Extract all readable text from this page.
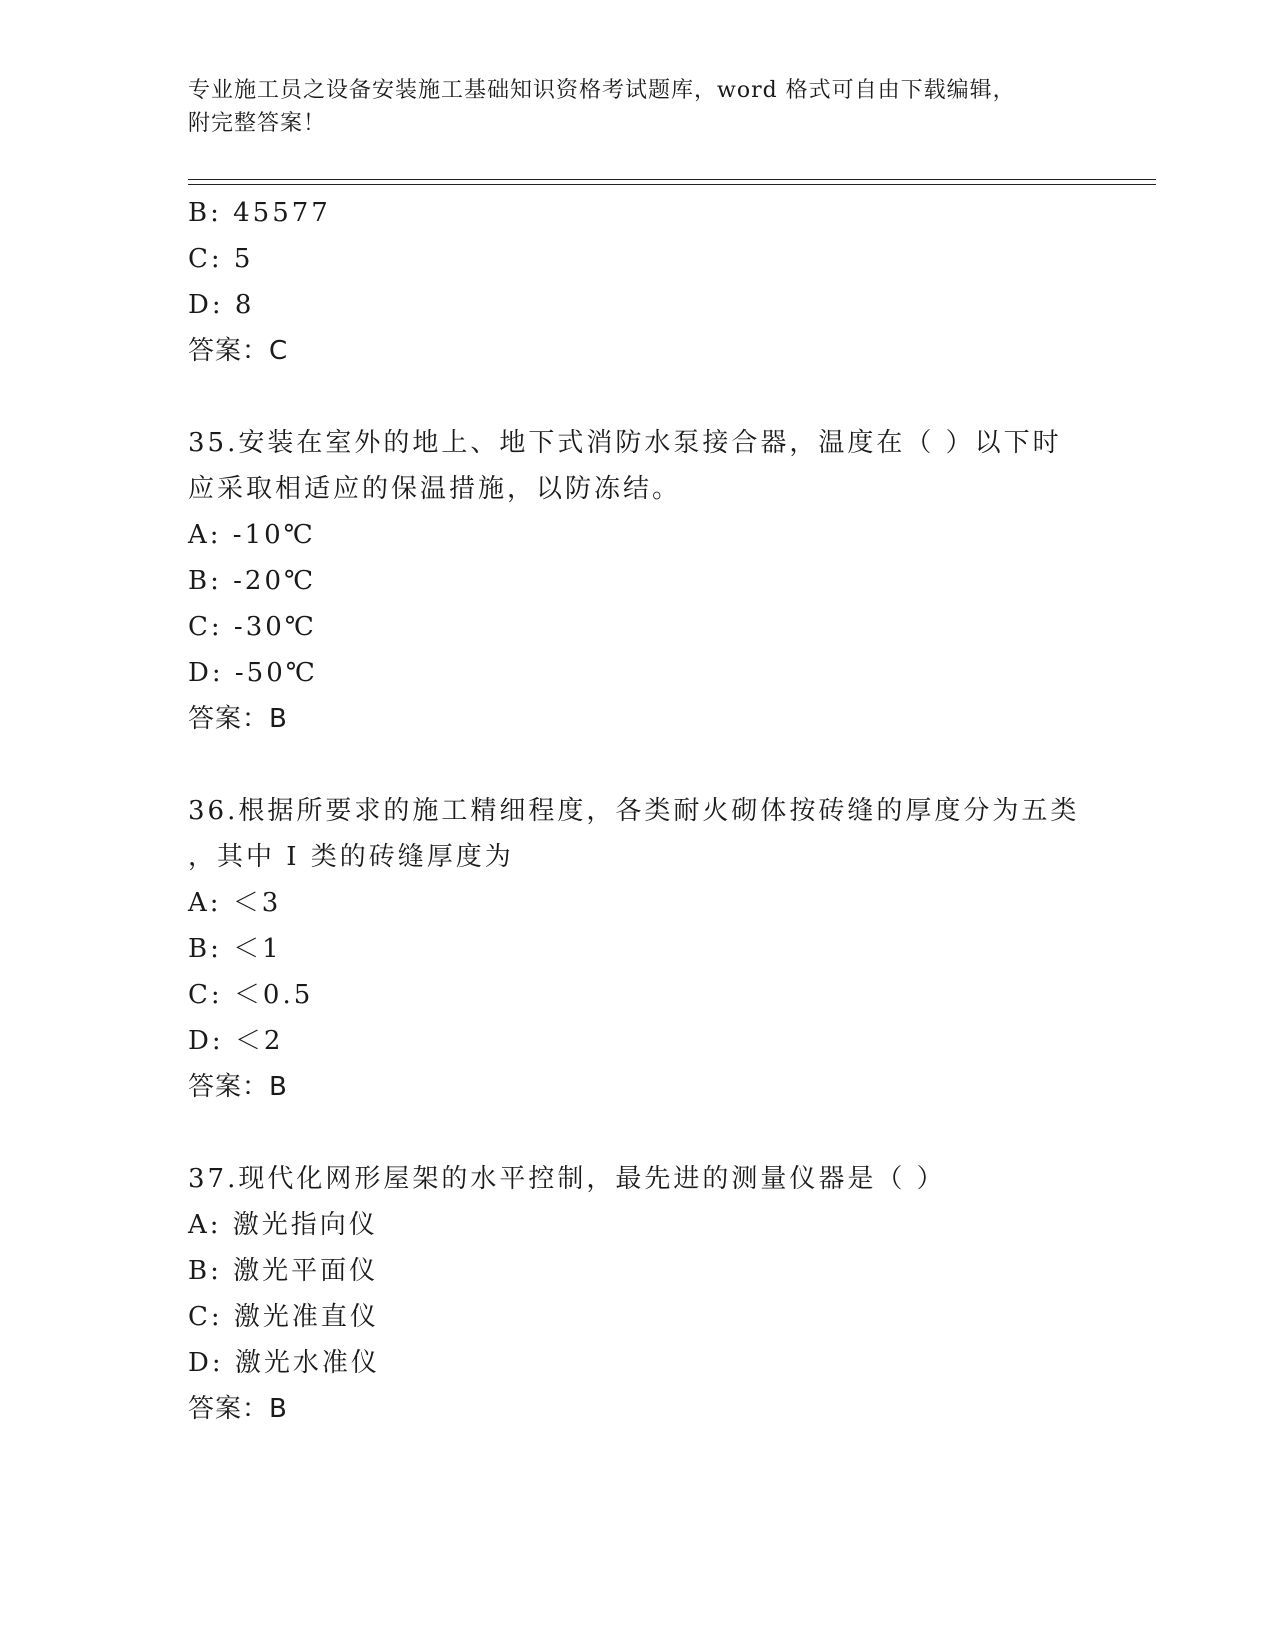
专业施工员之设备安装施工基础知识资格考试题库，word 格式可自由下载编辑，
附完整答案！
B: 45577
C: 5
D: 8
答案：C
35.安装在室外的地上、地下式消防水泵接合器，温度在（ ）以下时
应采取相适应的保温措施，以防冻结。
A: -10℃
B: -20℃
C: -30℃
D: -50℃
答案：B
36.根据所要求的施工精细程度，各类耐火砌体按砖缝的厚度分为五类
，其中 I 类的砖缝厚度为
A: ＜3
B: ＜1
C: ＜0.5
D: ＜2
答案：B
37.现代化网形屋架的水平控制，最先进的测量仪器是（ ）
A: 激光指向仪
B: 激光平面仪
C: 激光准直仪
D: 激光水准仪
答案：B
